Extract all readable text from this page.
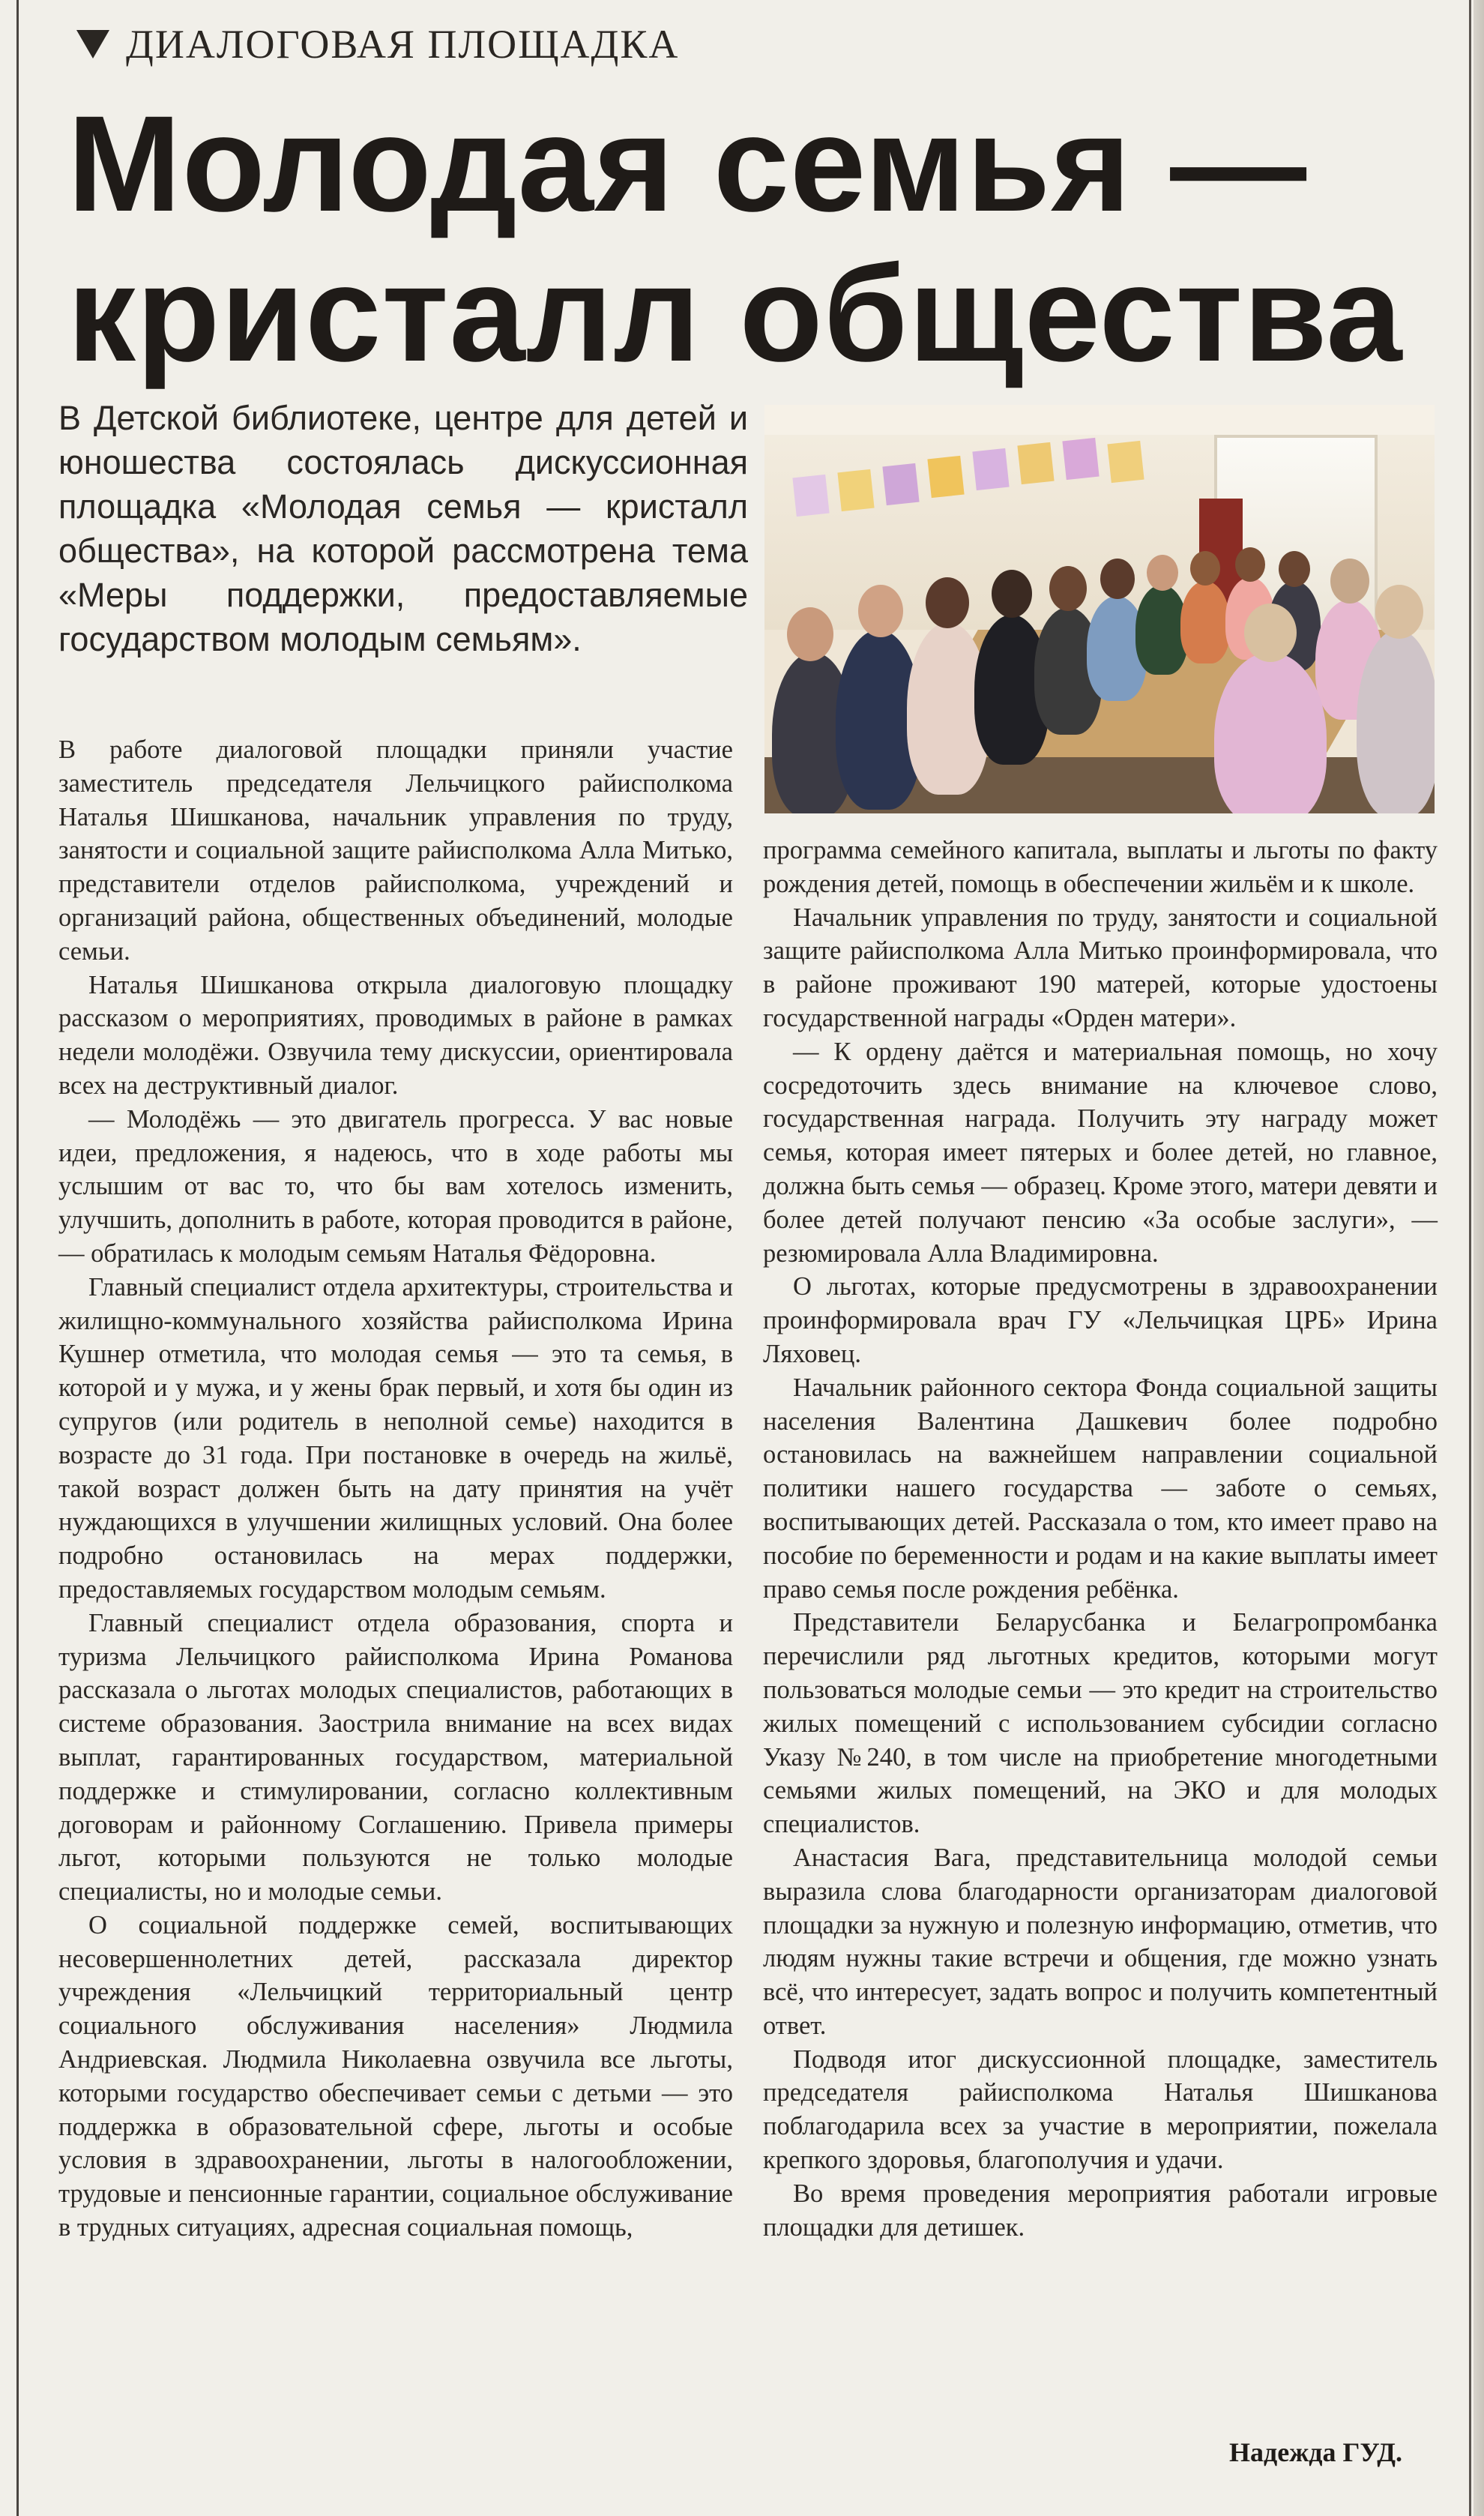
ДИАЛОГОВАЯ ПЛОЩАДКА
Молодая семья —
кристалл общества

В Детской библиотеке, центре для детей и юношества состоялась дискуссионная площадка «Молодая семья — кристалл общества», на которой рассмотрена тема «Меры поддержки, предоставляемые государством молодым семьям».

В работе диалоговой площадки приняли участие заместитель председателя Лельчицкого райисполкома Наталья Шишканова, начальник управления по труду, занятости и социальной защите райисполкома Алла Митько, представители отделов райисполкома, учреждений и организаций района, общественных объединений, молодые семьи.

Наталья Шишканова открыла диалоговую площадку рассказом о мероприятиях, проводимых в районе в рамках недели молодёжи. Озвучила тему дискуссии, ориентировала всех на деструктивный диалог.

— Молодёжь — это двигатель прогресса. У вас новые идеи, предложения, я надеюсь, что в ходе работы мы услышим от вас то, что бы вам хотелось изменить, улучшить, дополнить в работе, которая проводится в районе, — обратилась к молодым семьям Наталья Фёдоровна.

Главный специалист отдела архитектуры, строительства и жилищно-коммунального хозяйства райисполкома Ирина Кушнер отметила, что молодая семья — это та семья, в которой и у мужа, и у жены брак первый, и хотя бы один из супругов (или родитель в неполной семье) находится в возрасте до 31 года. При постановке в очередь на жильё, такой возраст должен быть на дату принятия на учёт нуждающихся в улучшении жилищных условий. Она более подробно остановилась на мерах поддержки, предоставляемых государством молодым семьям.

Главный специалист отдела образования, спорта и туризма Лельчицкого райисполкома Ирина Романова рассказала о льготах молодых специалистов, работающих в системе образования. Заострила внимание на всех видах выплат, гарантированных государством, материальной поддержке и стимулировании, согласно коллективным договорам и районному Соглашению. Привела примеры льгот, которыми пользуются не только молодые специалисты, но и молодые семьи.

О социальной поддержке семей, воспитывающих несовершеннолетних детей, рассказала директор учреждения «Лельчицкий территориальный центр социального обслуживания населения» Людмила Андриевская. Людмила Николаевна озвучила все льготы, которыми государство обеспечивает семьи с детьми — это поддержка в образовательной сфере, льготы и особые условия в здравоохранении, льготы в налогообложении, трудовые и пенсионные гарантии, социальное обслуживание в трудных ситуациях, адресная социальная помощь,

программа семейного капитала, выплаты и льготы по факту рождения детей, помощь в обеспечении жильём и к школе.

Начальник управления по труду, занятости и социальной защите райисполкома Алла Митько проинформировала, что в районе проживают 190 матерей, которые удостоены государственной награды «Орден матери».

— К ордену даётся и материальная помощь, но хочу сосредоточить здесь внимание на ключевое слово, государственная награда. Получить эту награду может семья, которая имеет пятерых и более детей, но главное, должна быть семья — образец. Кроме этого, матери девяти и более детей получают пенсию «За особые заслуги», — резюмировала Алла Владимировна.

О льготах, которые предусмотрены в здравоохранении проинформировала врач ГУ «Лельчицкая ЦРБ» Ирина Ляховец.

Начальник районного сектора Фонда социальной защиты населения Валентина Дашкевич более подробно остановилась на важнейшем направлении социальной политики нашего государства — заботе о семьях, воспитывающих детей. Рассказала о том, кто имеет право на пособие по беременности и родам и на какие выплаты имеет право семья после рождения ребёнка.

Представители Беларусбанка и Белагропромбанка перечислили ряд льготных кредитов, которыми могут пользоваться молодые семьи — это кредит на строительство жилых помещений с использованием субсидии согласно Указу №240, в том числе на приобретение многодетными семьями жилых помещений, на ЭКО и для молодых специалистов.

Анастасия Вага, представительница молодой семьи выразила слова благодарности организаторам диалоговой площадки за нужную и полезную информацию, отметив, что людям нужны такие встречи и общения, где можно узнать всё, что интересует, задать вопрос и получить компетентный ответ.

Подводя итог дискуссионной площадке, заместитель председателя райисполкома Наталья Шишканова поблагодарила всех за участие в мероприятии, пожелала крепкого здоровья, благополучия и удачи.

Во время проведения мероприятия работали игровые площадки для детишек.

Надежда ГУД.
